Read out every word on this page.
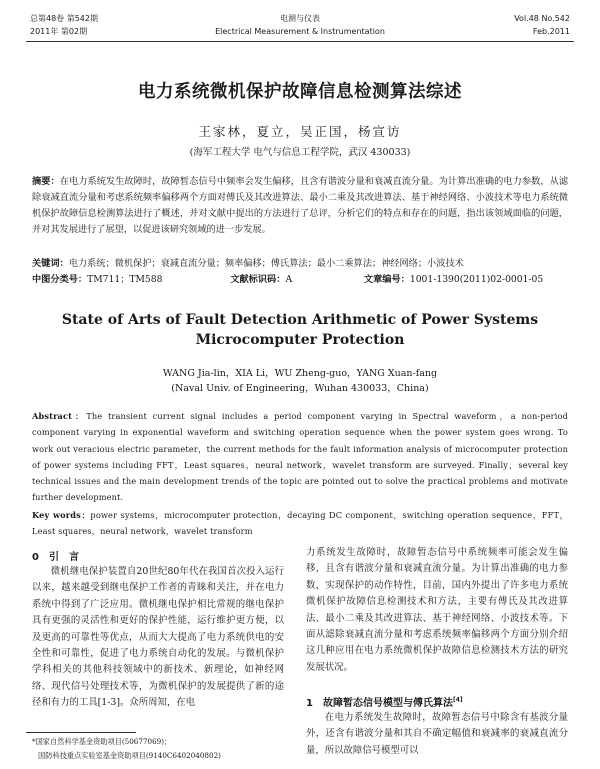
总第48卷 第542期
2011年 第02期
电测与仪表
Electrical Measurement & Instrumentation
Vol.48 No.542
Feb.2011
电力系统微机保护故障信息检测算法综述
王家林，夏立，吴正国，杨宣访
(海军工程大学 电气与信息工程学院，武汉 430033)
摘要：在电力系统发生故障时，故障暂态信号中频率会发生偏移，且含有谐波分量和衰减直流分量。为计算出准确的电力参数，从滤除衰减直流分量和考虑系统频率偏移两个方面对傅氏及其改进算法、最小二乘及其改进算法、基于神经网络、小波技术等电力系统微机保护故障信息检测算法进行了概述，并对文献中提出的方法进行了总评，分析它们的特点和存在的问题，指出该领域面临的问题，并对其发展进行了展望，以促进该研究领域的进一步发展。
关键词：电力系统；微机保护；衰减直流分量；频率偏移；傅氏算法；最小二乘算法；神经网络；小波技术
中图分类号：TM711；TM588	文献标识码：A	文章编号：1001-1390(2011)02-0001-05
State of Arts of Fault Detection Arithmetic of Power Systems
Microcomputer Protection
WANG Jia-lin，XIA Li，WU Zheng-guo，YANG Xuan-fang
(Naval Univ. of Engineering，Wuhan 430033，China)
Abstract：The transient current signal includes a period component varying in Spectral waveform，a non-period component varying in exponential waveform and switching operation sequence when the power system goes wrong. To work out veracious electric parameter，the current methods for the fault information analysis of microcomputer protection of power systems including FFT，Least squares，neural network，wavelet transform are surveyed. Finally，several key technical issues and the main development trends of the topic are pointed out to solve the practical problems and motivate further development.
Key words：power systems，microcomputer protection，decaying DC component，switching operation sequence，FFT，Least squares，neural network，wavelet transform
0　 引　言
微机继电保护装置自20世纪80年代在我国首次投入运行以来，越来越受到继电保护工作者的青睐和关注，并在电力系统中得到了广泛应用。微机继电保护相比常规的继电保护具有更强的灵活性和更好的保护性能，运行维护更方便，以及更高的可靠性等优点，从而大大提高了电力系统供电的安全性和可靠性，促进了电力系统自动化的发展。与微机保护学科相关的其他科技领域中的新技术、新理论，如神经网络、现代信号处理技术等，为微机保护的发展提供了新的途径和有力的工具[1-3]。众所周知，在电
力系统发生故障时，故障暂态信号中系统频率可能会发生偏移，且含有谐波分量和衰减直流分量。为计算出准确的电力参数，实现保护的动作特性，目前，国内外提出了许多电力系统微机保护故障信息检测技术和方法，主要有傅氏及其改进算法、最小二乘及其改进算法、基于神经网络、小波技术等。下面从滤除衰减直流分量和考虑系统频率偏移两个方面分别介绍这几种应用在电力系统微机保护故障信息检测技术方法的研究发展状况。
1　 故障暂态信号模型与傅氏算法[4]
在电力系统发生故障时，故障暂态信号中除含有基波分量外，还含有谐波分量和其自不确定幅值和衰减率的衰减直流分量，所以故障信号模型可以
*国家自然科学基金资助项目(50677069)；
国防科技重点实验室基金资助项目(9140C6402040802)
